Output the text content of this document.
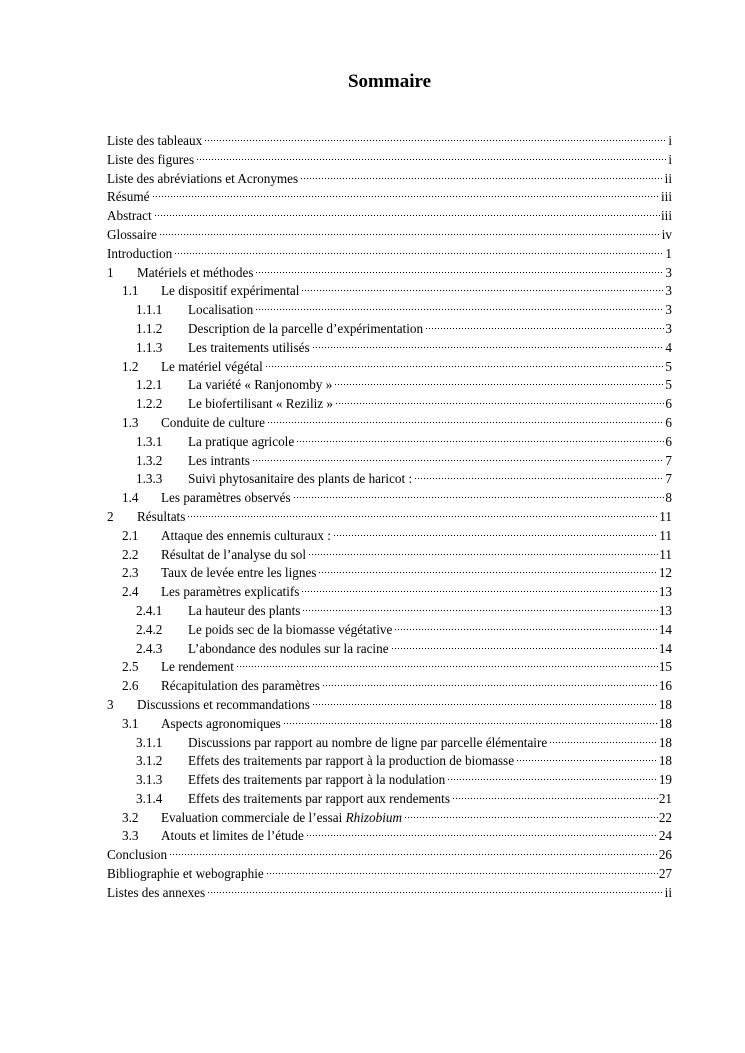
Sommaire
Liste des tableaux	i
Liste des figures	i
Liste des abréviations et Acronymes	ii
Résumé	iii
Abstract	iii
Glossaire	iv
Introduction	1
1	Matériels et méthodes	3
1.1	Le dispositif expérimental	3
1.1.1	Localisation	3
1.1.2	Description de la parcelle d’expérimentation	3
1.1.3	Les traitements utilisés	4
1.2	Le matériel végétal	5
1.2.1	La variété « Ranjonomby »	5
1.2.2	Le biofertilisant « Reziliz »	6
1.3	Conduite de culture	6
1.3.1	La pratique agricole	6
1.3.2	Les intrants	7
1.3.3	Suivi phytosanitaire des plants de haricot :	7
1.4	Les paramètres observés	8
2	Résultats	11
2.1	Attaque des ennemis culturaux :	11
2.2	Résultat de l’analyse du sol	11
2.3	Taux de levée entre les lignes	12
2.4	Les paramètres explicatifs	13
2.4.1	La hauteur des plants	13
2.4.2	Le poids sec de la biomasse végétative	14
2.4.3	L’abondance des nodules sur la racine	14
2.5	Le rendement	15
2.6	Récapitulation des paramètres	16
3	Discussions et recommandations	18
3.1	Aspects agronomiques	18
3.1.1	Discussions par rapport au nombre de ligne par parcelle élémentaire	18
3.1.2	Effets des traitements par rapport à la production de biomasse	18
3.1.3	Effets des traitements par rapport à la nodulation	19
3.1.4	Effets des traitements par rapport aux rendements	21
3.2	Evaluation commerciale de l’essai Rhizobium	22
3.3	Atouts et limites de l’étude	24
Conclusion	26
Bibliographie et webographie	27
Listes des annexes	ii
